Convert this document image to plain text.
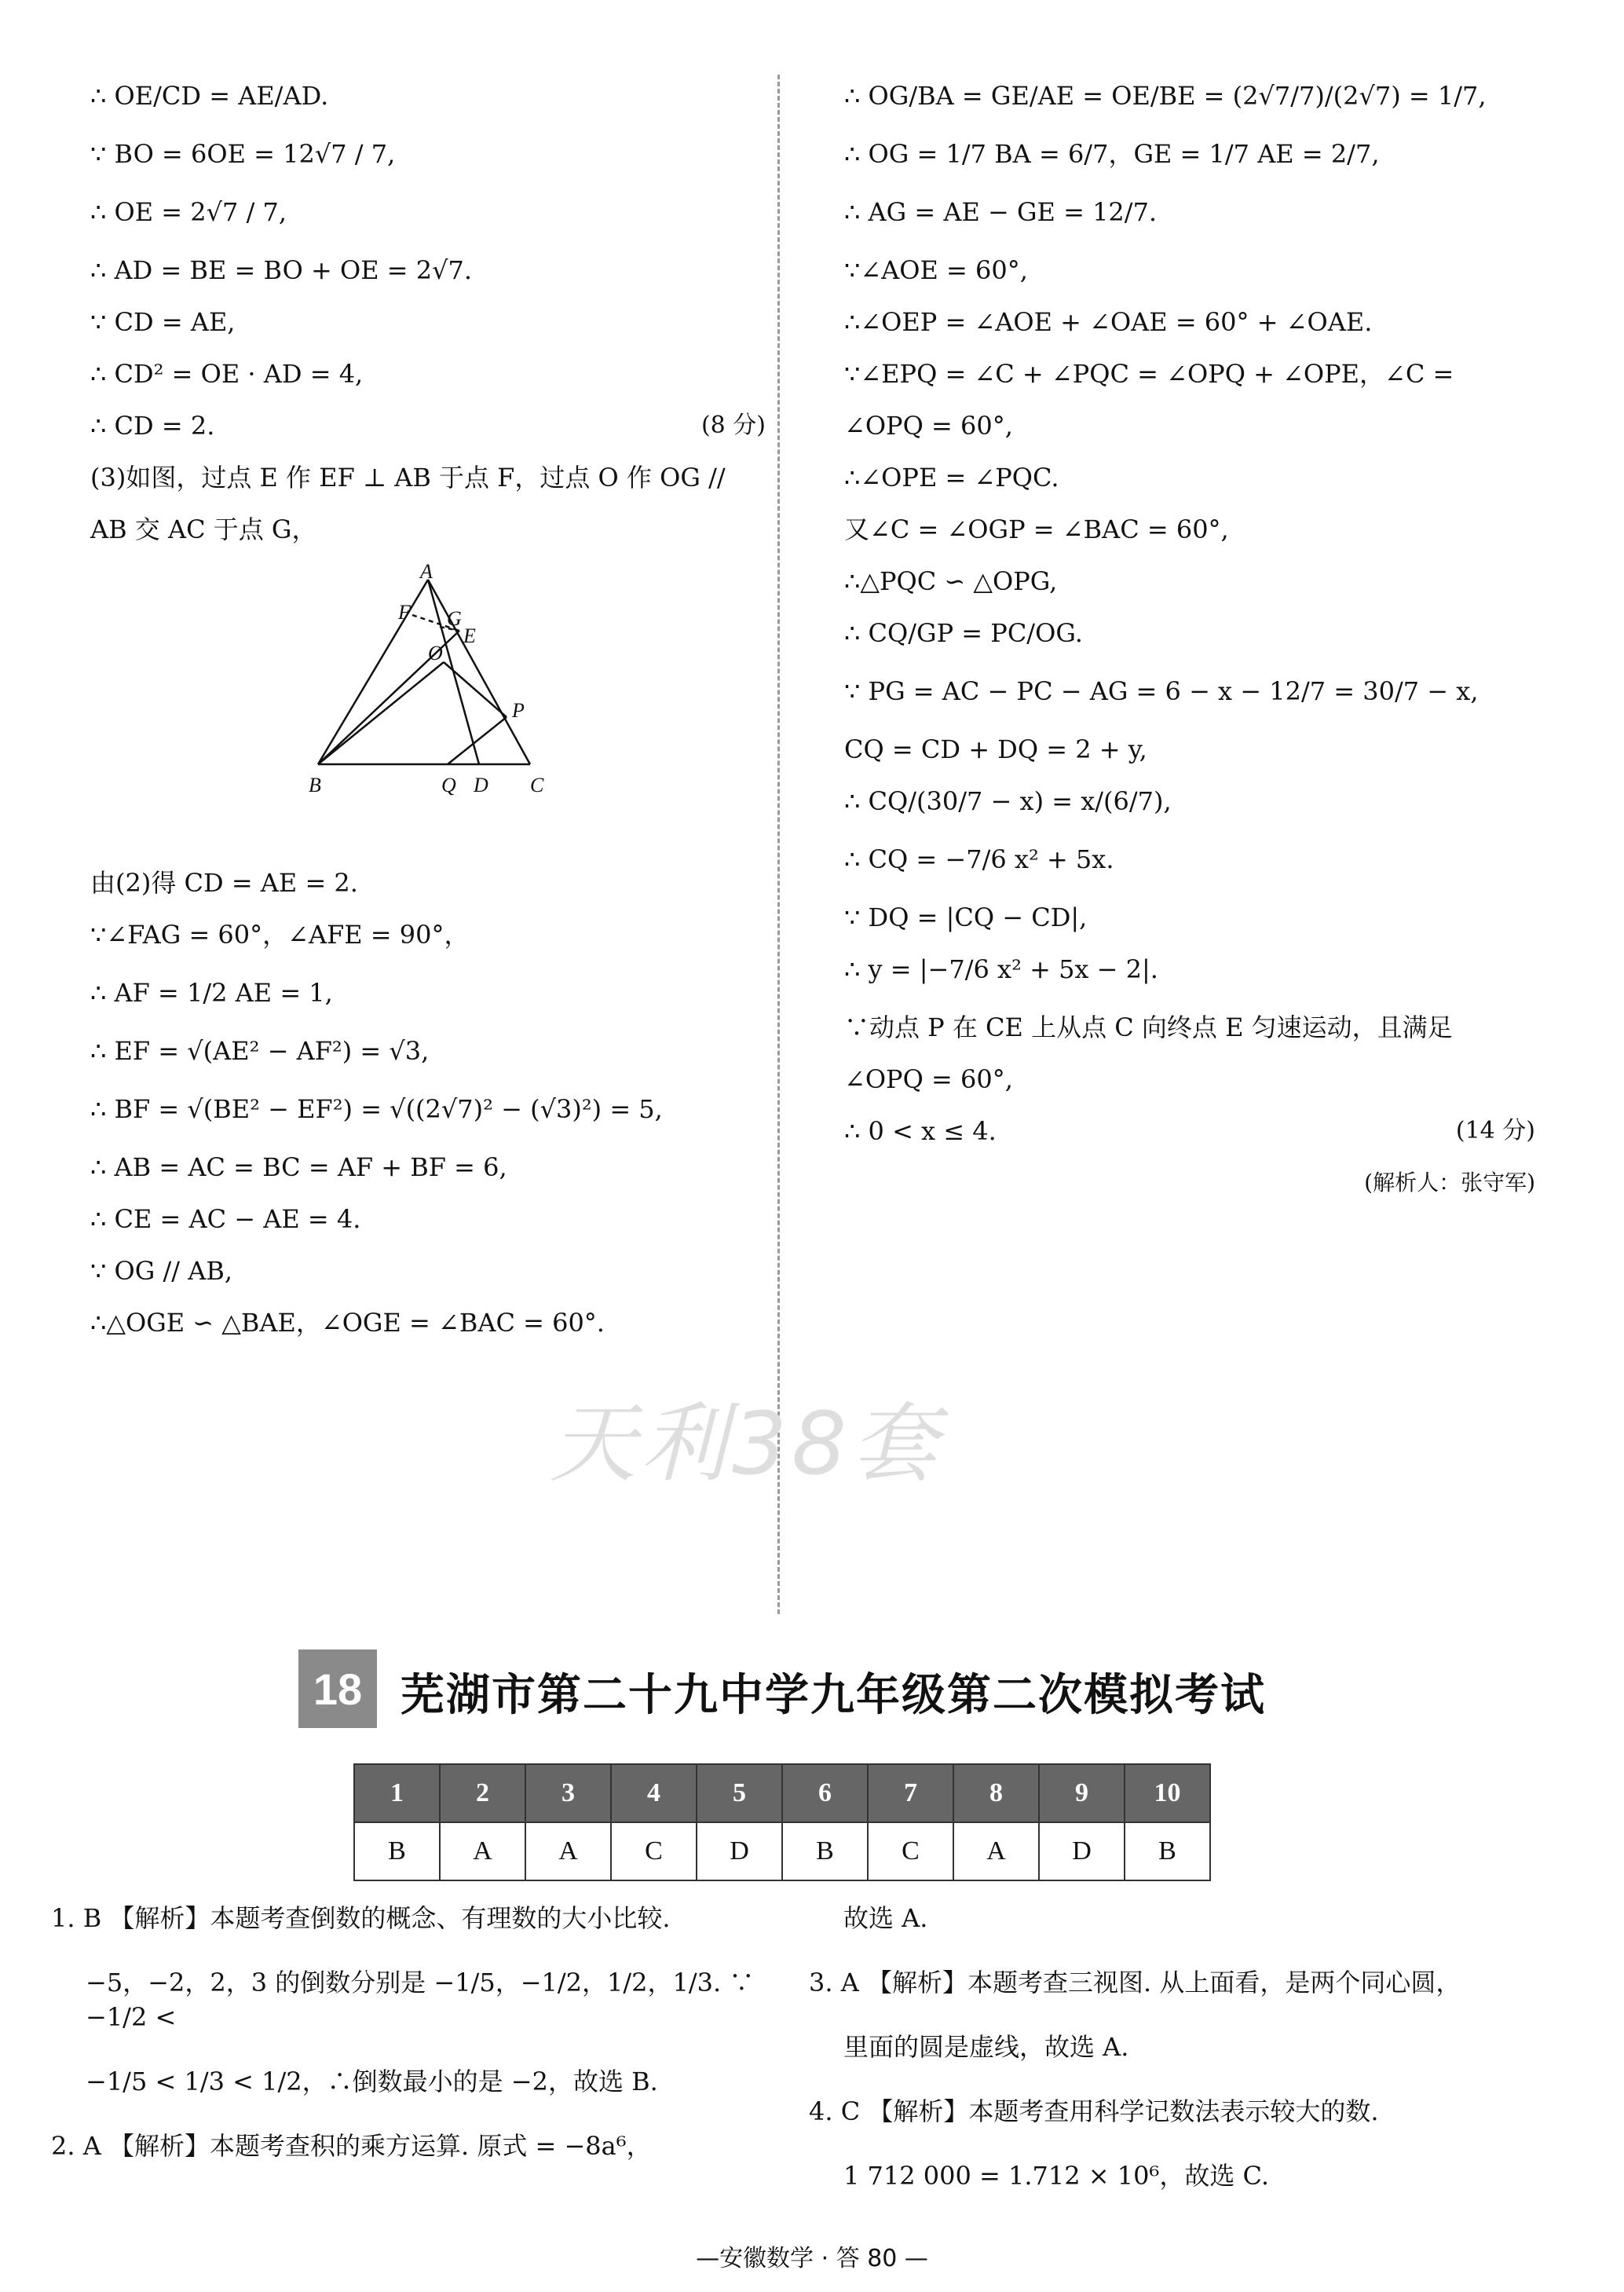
∴ OE/CD = AE/AD.
∵ BO = 6OE = 12√7 / 7,
∴ OE = 2√7 / 7,
∴ AD = BE = BO + OE = 2√7.
∵ CD = AE,
∴ CD² = OE · AD = 4,
∴ CD = 2.	(8 分)
(3)如图，过点 E 作 EF ⊥ AB 于点 F，过点 O 作 OG //
AB 交 AC 于点 G，
A
F G
E
O
P
B	Q D C
由(2)得 CD = AE = 2.
∵∠FAG = 60°，∠AFE = 90°，
∴ AF = 1/2 AE = 1,
∴ EF = √(AE² − AF²) = √3,
∴ BF = √(BE² − EF²) = √((2√7)² − (√3)²) = 5,
∴ AB = AC = BC = AF + BF = 6,
∴ CE = AC − AE = 4.
∵ OG // AB,
∴△OGE ∽ △BAE，∠OGE = ∠BAC = 60°.
∴ OG/BA = GE/AE = OE/BE = (2√7/7)/(2√7) = 1/7,
∴ OG = 1/7 BA = 6/7，GE = 1/7 AE = 2/7,
∴ AG = AE − GE = 12/7.
∵∠AOE = 60°,
∴∠OEP = ∠AOE + ∠OAE = 60° + ∠OAE.
∵∠EPQ = ∠C + ∠PQC = ∠OPQ + ∠OPE，∠C =
∠OPQ = 60°,
∴∠OPE = ∠PQC.
又∠C = ∠OGP = ∠BAC = 60°,
∴△PQC ∽ △OPG,
∴ CQ/GP = PC/OG.
∵ PG = AC − PC − AG = 6 − x − 12/7 = 30/7 − x,
CQ = CD + DQ = 2 + y,
∴ CQ/(30/7 − x) = x/(6/7),
∴ CQ = −7/6 x² + 5x.
∵ DQ = |CQ − CD|,
∴ y = |−7/6 x² + 5x − 2|.
∵动点 P 在 CE 上从点 C 向终点 E 匀速运动，且满足
∠OPQ = 60°,
∴ 0 < x ≤ 4.	(14 分)
(解析人：张守军)
天利38套
18 芜湖市第二十九中学九年级第二次模拟考试
1	2	3	4	5	6	7	8	9	10
B	A	A	C	D	B	C	A	D	B
1. B 【解析】本题考查倒数的概念、有理数的大小比较.
−5，−2，2，3 的倒数分别是 −1/5，−1/2，1/2，1/3. ∵ −1/2 <
−1/5 < 1/3 < 1/2，∴倒数最小的是 −2，故选 B.
2. A 【解析】本题考查积的乘方运算. 原式 = −8a⁶，
故选 A.
3. A 【解析】本题考查三视图. 从上面看，是两个同心圆，
里面的圆是虚线，故选 A.
4. C 【解析】本题考查用科学记数法表示较大的数.
1 712 000 = 1.712 × 10⁶，故选 C.
—安徽数学 · 答 80 —
